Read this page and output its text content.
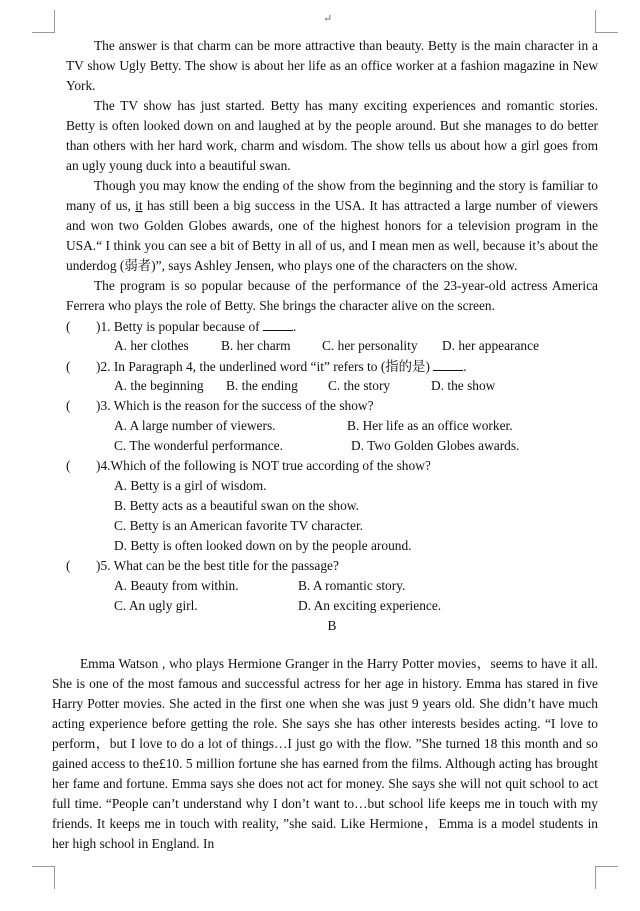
↵

The answer is that charm can be more attractive than beauty. Betty is the main character in a TV show Ugly Betty. The show is about her life as an office worker at a fashion magazine in New York.

The TV show has just started. Betty has many exciting experiences and romantic stories. Betty is often looked down on and laughed at by the people around. But she manages to do better than others with her hard work, charm and wisdom. The show tells us about how a girl goes from an ugly young duck into a beautiful swan.

Though you may know the ending of the show from the beginning and the story is familiar to many of us, it has still been a big success in the USA. It has attracted a large number of viewers and won two Golden Globes awards, one of the highest honors for a television program in the USA.“ I think you can see a bit of Betty in all of us, and I mean men as well, because it’s about the underdog (弱者)”, says Ashley Jensen, who plays one of the characters on the show.

The program is so popular because of the performance of the 23-year-old actress America Ferrera who plays the role of Betty. She brings the character alive on the screen.

( )1. Betty is popular because of .
A. her clothes B. her charm C. her personality D. her appearance
( )2. In Paragraph 4, the underlined word “it” refers to (指的是) .
A. the beginning B. the ending C. the story	D. the show
( )3. Which is the reason for the success of the show?
A. A large number of viewers.	B. Her life as an office worker.
C. The wonderful performance.	D. Two Golden Globes awards.
( )4.Which of the following is NOT true according of the show?
A. Betty is a girl of wisdom.
B. Betty acts as a beautiful swan on the show.
C. Betty is an American favorite TV character.
D. Betty is often looked down on by the people around.
( )5. What can be the best title for the passage?
A. Beauty from within.	B. A romantic story.
C. An ugly girl.	D. An exciting experience.
B

Emma Watson , who plays Hermione Granger in the Harry Potter movies，seems to have it all. She is one of the most famous and successful actress for her age in history. Emma has stared in five Harry Potter movies. She acted in the first one when she was just 9 years old. She didn’t have much acting experience before getting the role. She says she has other interests besides acting. “I love to perform，but I love to do a lot of things…I just go with the flow. ”She turned 18 this month and so gained access to the£10. 5 million fortune she has earned from the films. Although acting has brought her fame and fortune. Emma says she does not act for money. She says she will not quit school to act full time. “People can’t understand why I don’t want to…but school life keeps me in touch with my friends. It keeps me in touch with reality, ”she said. Like Hermione，Emma is a model students in her high school in England. In
